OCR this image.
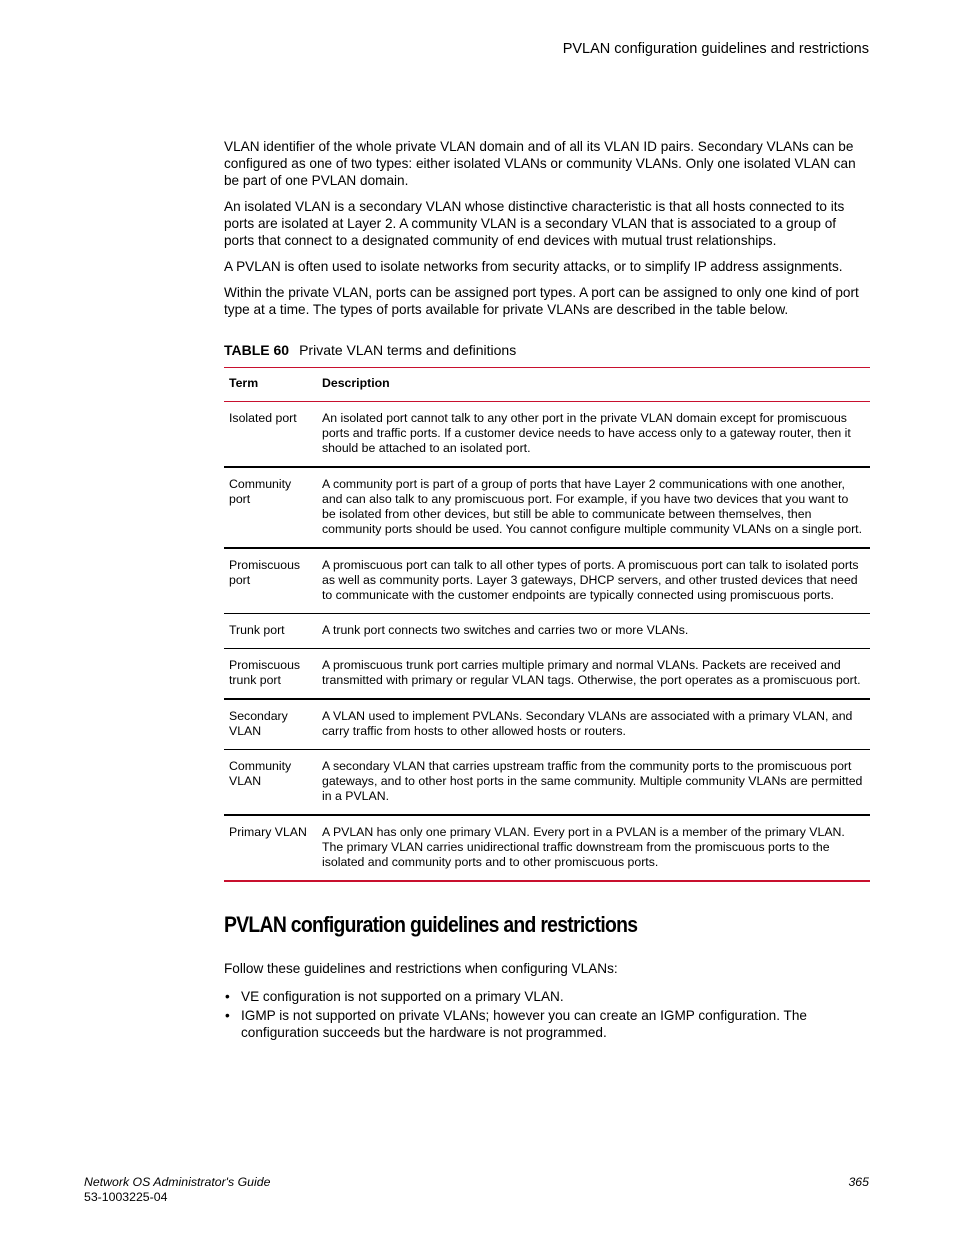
PVLAN configuration guidelines and restrictions

VLAN identifier of the whole private VLAN domain and of all its VLAN ID pairs. Secondary VLANs can be configured as one of two types: either isolated VLANs or community VLANs. Only one isolated VLAN can be part of one PVLAN domain.

An isolated VLAN is a secondary VLAN whose distinctive characteristic is that all hosts connected to its ports are isolated at Layer 2. A community VLAN is a secondary VLAN that is associated to a group of ports that connect to a designated community of end devices with mutual trust relationships.

A PVLAN is often used to isolate networks from security attacks, or to simplify IP address assignments.

Within the private VLAN, ports can be assigned port types. A port can be assigned to only one kind of port type at a time. The types of ports available for private VLANs are described in the table below.

TABLE 60 Private VLAN terms and definitions
Term	Description
Isolated port	An isolated port cannot talk to any other port in the private VLAN domain except for promiscuous ports and traffic ports. If a customer device needs to have access only to a gateway router, then it should be attached to an isolated port.
Community port	A community port is part of a group of ports that have Layer 2 communications with one another, and can also talk to any promiscuous port. For example, if you have two devices that you want to be isolated from other devices, but still be able to communicate between themselves, then community ports should be used. You cannot configure multiple community VLANs on a single port.
Promiscuous port	A promiscuous port can talk to all other types of ports. A promiscuous port can talk to isolated ports as well as community ports. Layer 3 gateways, DHCP servers, and other trusted devices that need to communicate with the customer endpoints are typically connected using promiscuous ports.
Trunk port	A trunk port connects two switches and carries two or more VLANs.
Promiscuous trunk port	A promiscuous trunk port carries multiple primary and normal VLANs. Packets are received and transmitted with primary or regular VLAN tags. Otherwise, the port operates as a promiscuous port.
Secondary VLAN	A VLAN used to implement PVLANs. Secondary VLANs are associated with a primary VLAN, and carry traffic from hosts to other allowed hosts or routers.
Community VLAN	A secondary VLAN that carries upstream traffic from the community ports to the promiscuous port gateways, and to other host ports in the same community. Multiple community VLANs are permitted in a PVLAN.
Primary VLAN	A PVLAN has only one primary VLAN. Every port in a PVLAN is a member of the primary VLAN. The primary VLAN carries unidirectional traffic downstream from the promiscuous ports to the isolated and community ports and to other promiscuous ports.
PVLAN configuration guidelines and restrictions

Follow these guidelines and restrictions when configuring VLANs:

• VE configuration is not supported on a primary VLAN.
• IGMP is not supported on private VLANs; however you can create an IGMP configuration. The configuration succeeds but the hardware is not programmed.
Network OS Administrator's Guide
53-1003225-04
365
